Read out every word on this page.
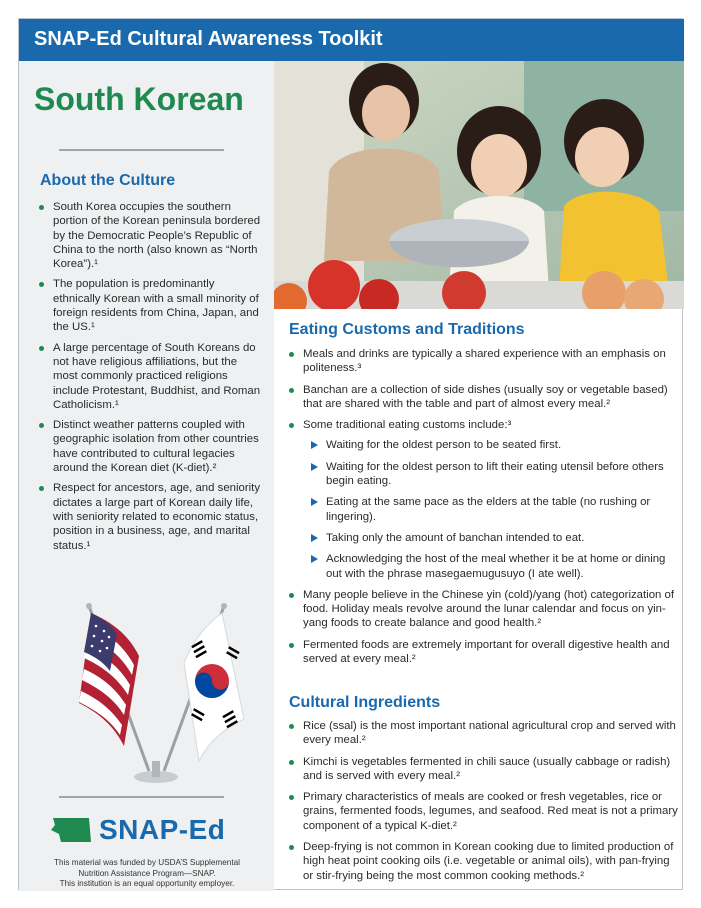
SNAP-Ed Cultural Awareness Toolkit
South Korean
About the Culture
South Korea occupies the southern portion of the Korean peninsula bordered by the Democratic People’s Republic of China to the north (also known as “North Korea”).¹
The population is predominantly ethnically Korean with a small minority of foreign residents from China, Japan, and the US.¹
A large percentage of South Koreans do not have religious affiliations, but the most commonly practiced religions include Protestant, Buddhist, and Roman Catholicism.¹
Distinct weather patterns coupled with geographic isolation from other countries have contributed to cultural legacies around the Korean diet (K-diet).²
Respect for ancestors, age, and seniority dictates a large part of Korean daily life, with seniority related to economic status, position in a business, age, and marital status.¹
SNAP-Ed
This material was funded by USDA’S Supplemental
Nutrition Assistance Program—SNAP.
This institution is an equal opportunity employer.
Eating Customs and Traditions
Meals and drinks are typically a shared experience with an emphasis on politeness.³
Banchan are a collection of side dishes (usually soy or vegetable based) that are shared with the table and part of almost every meal.²
Some traditional eating customs include:³
Waiting for the oldest person to be seated first.
Waiting for the oldest person to lift their eating utensil before others begin eating.
Eating at the same pace as the elders at the table (no rushing or lingering).
Taking only the amount of banchan intended to eat.
Acknowledging the host of the meal whether it be at home or dining out with the phrase masegaemugusuyo (I ate well).
Many people believe in the Chinese yin (cold)/yang (hot) categorization of food. Holiday meals revolve around the lunar calendar and focus on yin-yang foods to create balance and good health.²
Fermented foods are extremely important for overall digestive health and served at every meal.²
Cultural Ingredients
Rice (ssal) is the most important national agricultural crop and served with every meal.²
Kimchi is vegetables fermented in chili sauce (usually cabbage or radish) and is served with every meal.²
Primary characteristics of meals are cooked or fresh vegetables, rice or grains, fermented foods, legumes, and seafood. Red meat is not a primary component of a typical K-diet.²
Deep-frying is not common in Korean cooking due to limited production of high heat point cooking oils (i.e. vegetable or animal oils), with pan-frying or stir-frying being the most common cooking methods.²
